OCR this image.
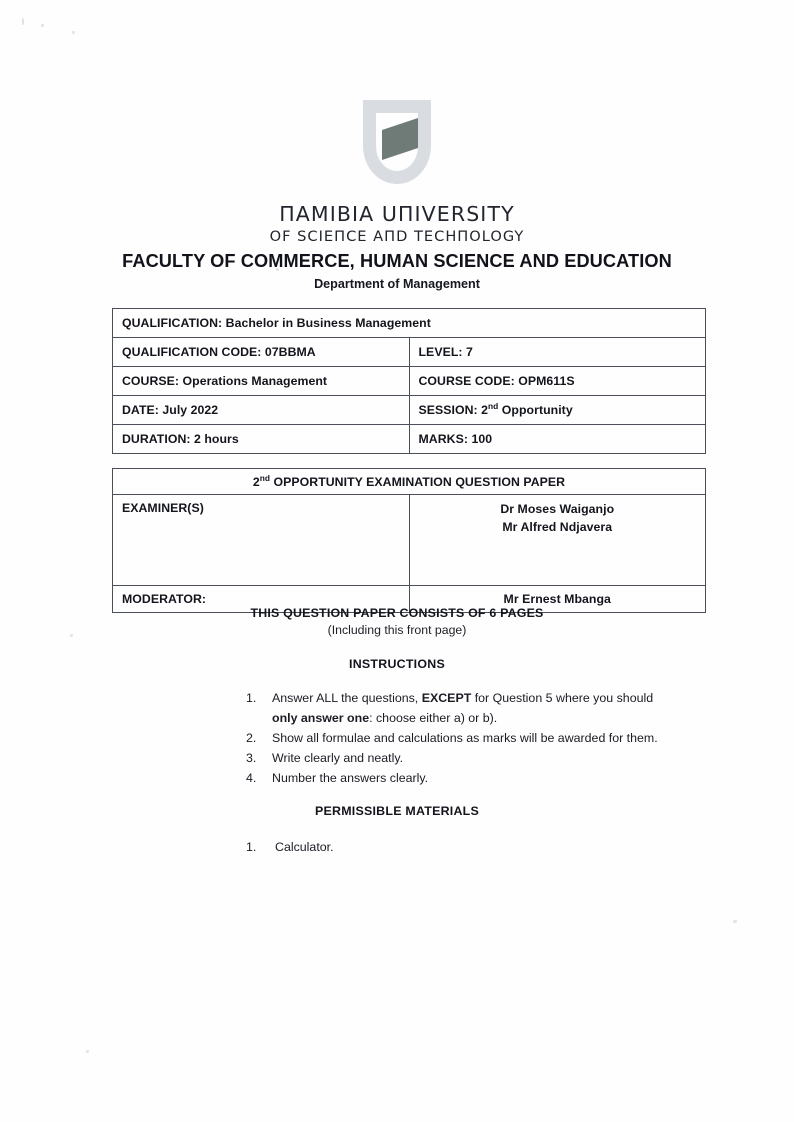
ПAMIBIA UПIVERSITY
OF SCIEПCE AПD TECHПOLOGY
FACULTY OF COMMERCE, HUMAN SCIENCE AND EDUCATION
Department of Management
QUALIFICATION: Bachelor in Business Management	
QUALIFICATION CODE: 07BBMA	LEVEL: 7
COURSE: Operations Management	COURSE CODE: OPM611S
DATE: July 2022	SESSION: 2nd Opportunity
DURATION: 2 hours	MARKS: 100
2nd OPPORTUNITY EXAMINATION QUESTION PAPER	
EXAMINER(S)	Dr Moses Waiganjo
Mr Alfred Ndjavera

MODERATOR:	Mr Ernest Mbanga
THIS QUESTION PAPER CONSISTS OF 6 PAGES
(Including this front page)
INSTRUCTIONS
1.	Answer ALL the questions, EXCEPT for Question 5 where you should
only answer one: choose either a) or b).
2.	Show all formulae and calculations as marks will be awarded for them.
3.	Write clearly and neatly.
4.	Number the answers clearly.
PERMISSIBLE MATERIALS
1.	Calculator.
